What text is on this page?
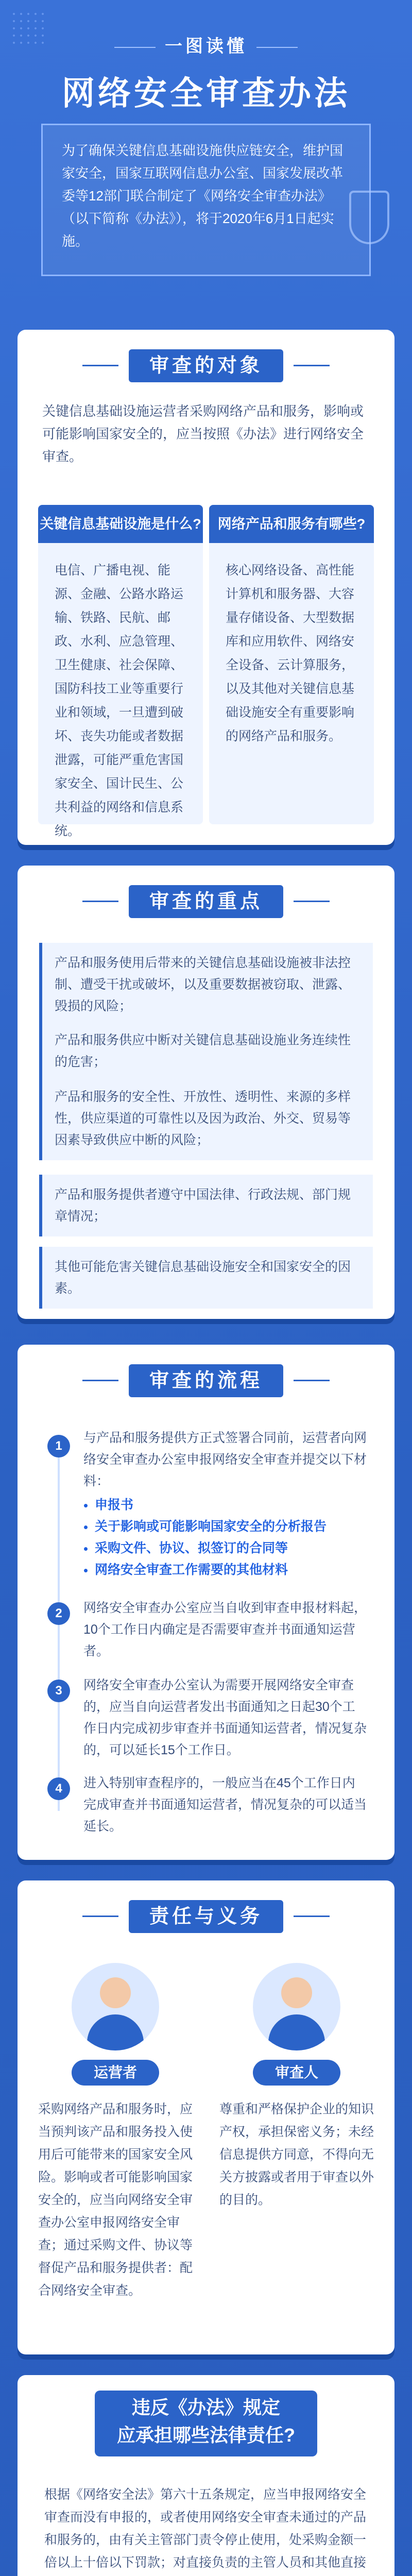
一图读懂
网络安全审查办法
为了确保关键信息基础设施供应链安全，维护国家安全，国家互联网信息办公室、国家发展改革委等12部门联合制定了《网络安全审查办法》（以下简称《办法》），将于2020年6月1日起实施。
审查的对象
关键信息基础设施运营者采购网络产品和服务，影响或可能影响国家安全的，应当按照《办法》进行网络安全审查。
关键信息基础设施是什么?
电信、广播电视、能源、金融、公路水路运输、铁路、民航、邮政、水利、应急管理、卫生健康、社会保障、国防科技工业等重要行业和领域，一旦遭到破坏、丧失功能或者数据泄露，可能严重危害国家安全、国计民生、公共利益的网络和信息系统。
网络产品和服务有哪些?
核心网络设备、高性能计算机和服务器、大容量存储设备、大型数据库和应用软件、网络安全设备、云计算服务，以及其他对关键信息基础设施安全有重要影响的网络产品和服务。
审查的重点
产品和服务使用后带来的关键信息基础设施被非法控制、遭受干扰或破坏，以及重要数据被窃取、泄露、毁损的风险；
产品和服务供应中断对关键信息基础设施业务连续性的危害；
产品和服务的安全性、开放性、透明性、来源的多样性，供应渠道的可靠性以及因为政治、外交、贸易等因素导致供应中断的风险；
产品和服务提供者遵守中国法律、行政法规、部门规章情况；
其他可能危害关键信息基础设施安全和国家安全的因素。
审查的流程
1
与产品和服务提供方正式签署合同前，运营者向网络安全审查办公室申报网络安全审查并提交以下材料：
• 申报书
• 关于影响或可能影响国家安全的分析报告
• 采购文件、协议、拟签订的合同等
• 网络安全审查工作需要的其他材料
2	网络安全审查办公室应当自收到审查申报材料起，10个工作日内确定是否需要审查并书面通知运营者。
3	网络安全审查办公室认为需要开展网络安全审查的，应当自向运营者发出书面通知之日起30个工作日内完成初步审查并书面通知运营者，情况复杂的，可以延长15个工作日。
4	进入特别审查程序的，一般应当在45个工作日内完成审查并书面通知运营者，情况复杂的可以适当延长。
责任与义务
运营者
采购网络产品和服务时，应当预判该产品和服务投入使用后可能带来的国家安全风险。影响或者可能影响国家安全的，应当向网络安全审查办公室申报网络安全审查；通过采购文件、协议等督促产品和服务提供者：配合网络安全审查。
审查人
尊重和严格保护企业的知识产权，承担保密义务；未经信息提供方同意，不得向无关方披露或者用于审查以外的目的。
违反《办法》规定
应承担哪些法律责任?
根据《网络安全法》第六十五条规定，应当申报网络安全审查而没有申报的，或者使用网络安全审查未通过的产品和服务的，由有关主管部门责令停止使用，处采购金额一倍以上十倍以下罚款；对直接负责的主管人员和其他直接
